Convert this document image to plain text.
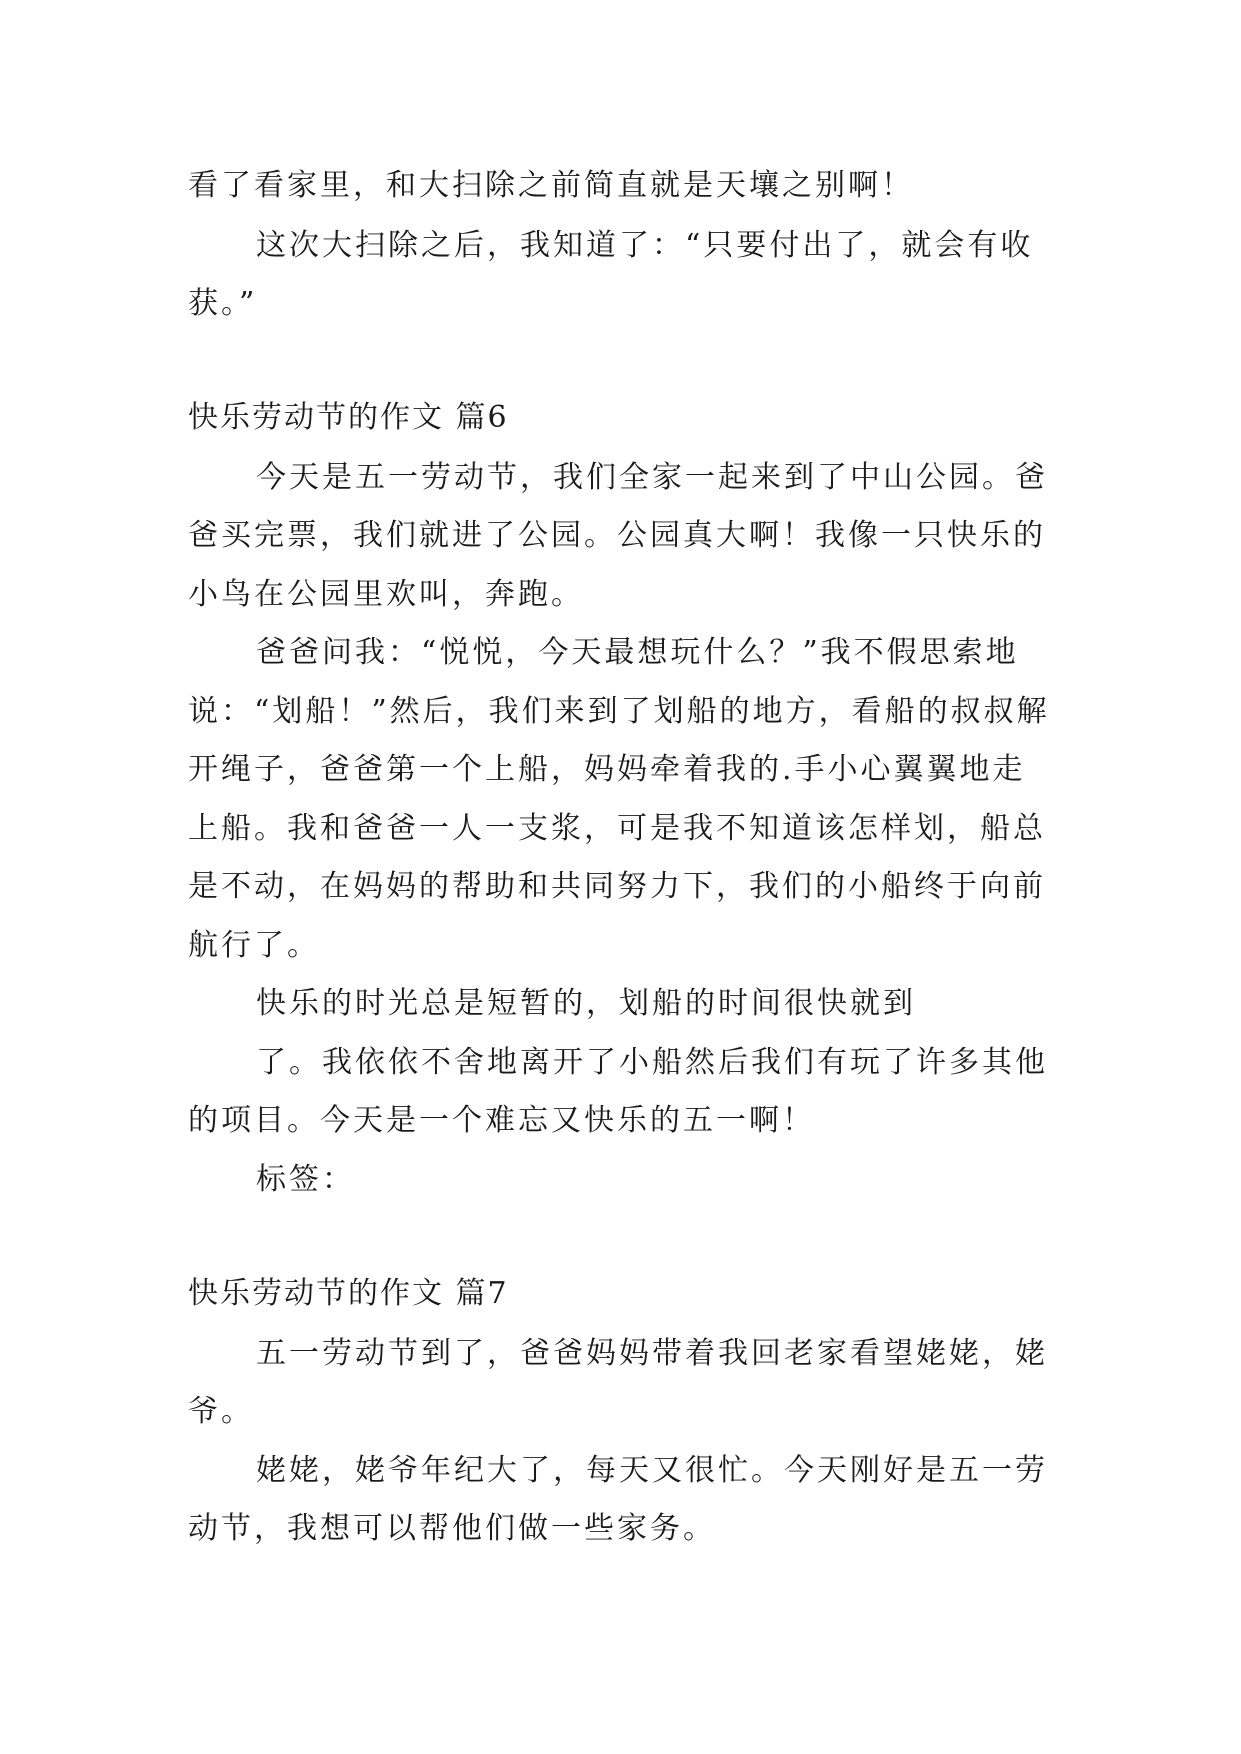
看了看家里，和大扫除之前简直就是天壤之别啊！
这次大扫除之后，我知道了：“只要付出了，就会有收
获。”
快乐劳动节的作文 篇6
今天是五一劳动节，我们全家一起来到了中山公园。爸
爸买完票，我们就进了公园。公园真大啊！我像一只快乐的
小鸟在公园里欢叫，奔跑。
爸爸问我：“悦悦，今天最想玩什么？”我不假思索地
说：“划船！”然后，我们来到了划船的地方，看船的叔叔解
开绳子，爸爸第一个上船，妈妈牵着我的.手小心翼翼地走
上船。我和爸爸一人一支浆，可是我不知道该怎样划，船总
是不动，在妈妈的帮助和共同努力下，我们的小船终于向前
航行了。
快乐的时光总是短暂的，划船的时间很快就到
了。我依依不舍地离开了小船然后我们有玩了许多其他
的项目。今天是一个难忘又快乐的五一啊！
标签：
快乐劳动节的作文 篇7
五一劳动节到了，爸爸妈妈带着我回老家看望姥姥，姥
爷。
姥姥，姥爷年纪大了，每天又很忙。今天刚好是五一劳
动节，我想可以帮他们做一些家务。
